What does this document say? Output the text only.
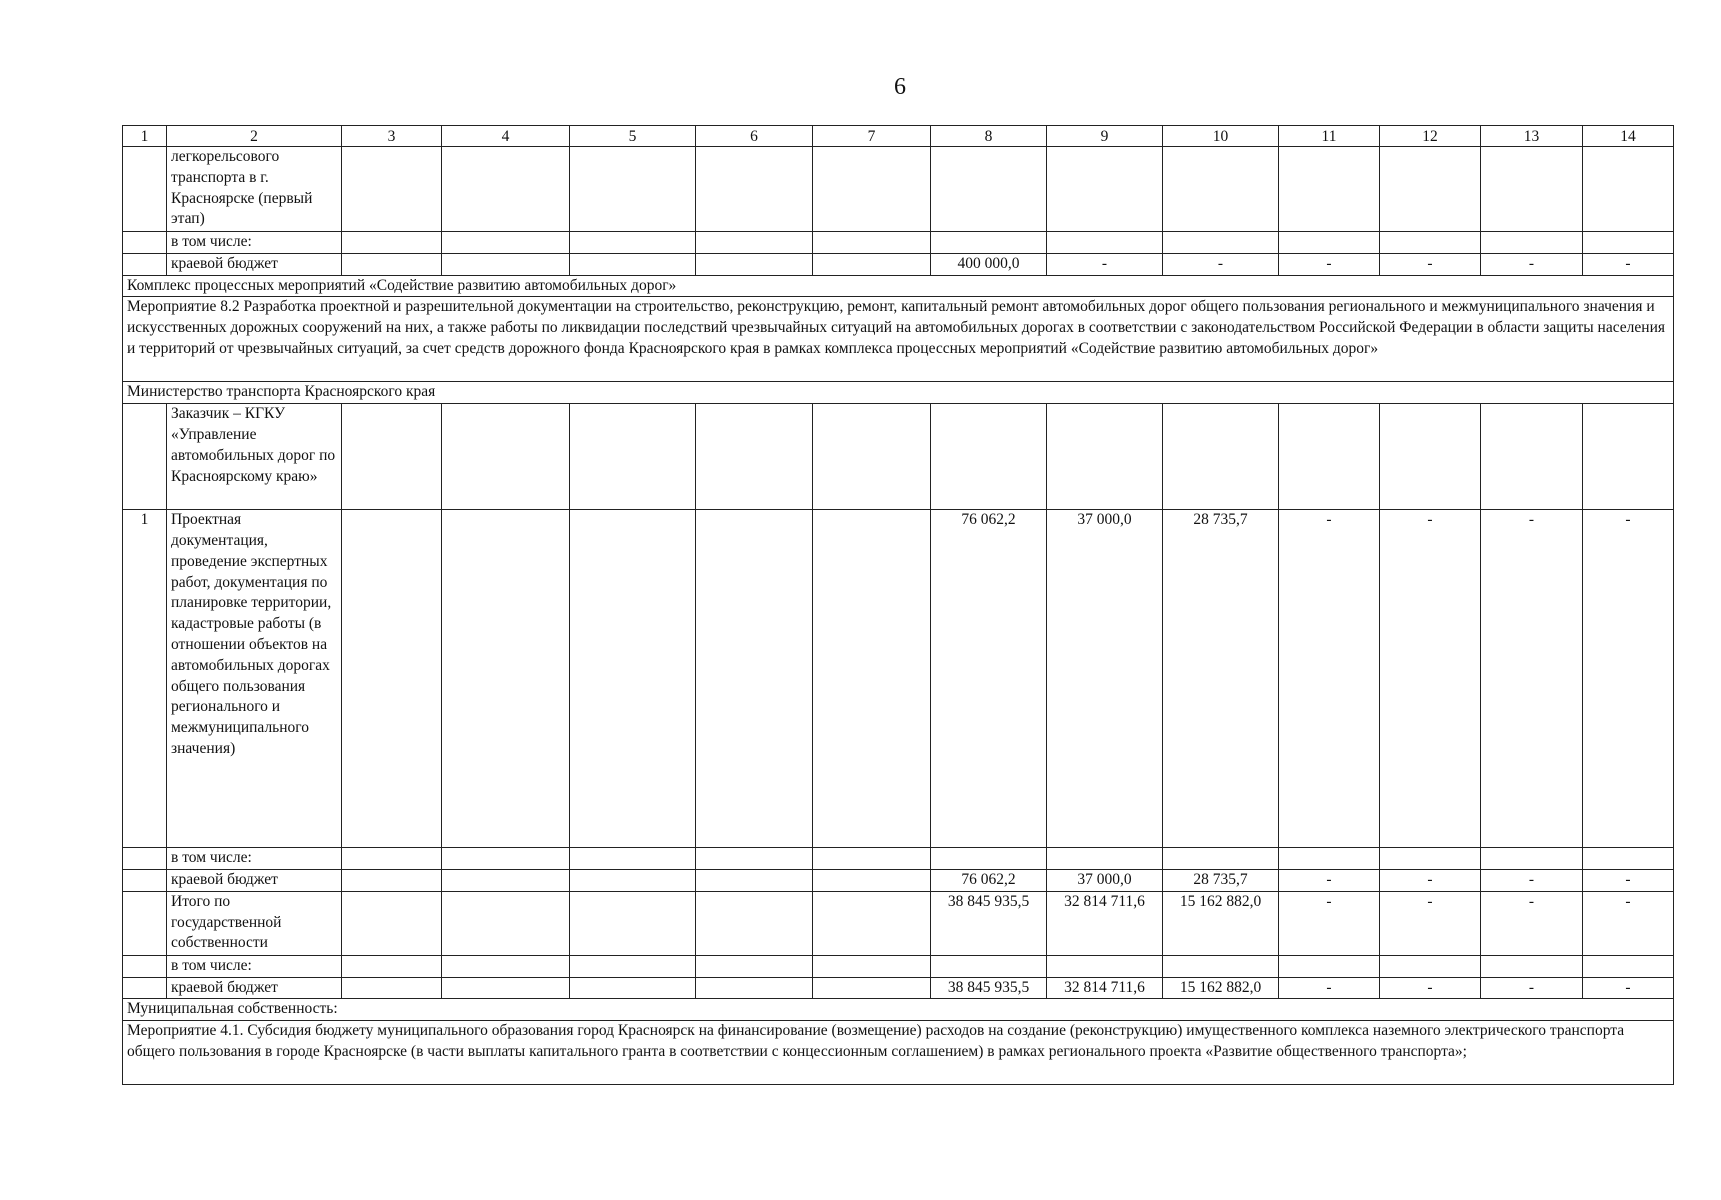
6
1	2	3	4	5	6	7	8	9	10	11	12	13	14
	легкорельсового транспорта в г. Красноярске (первый этап)												
	в том числе:												
	краевой бюджет						400 000,0	-	-	-	-	-	-
Комплекс процессных мероприятий «Содействие развитию автомобильных дорог»													
Мероприятие 8.2 Разработка проектной и разрешительной документации на строительство, реконструкцию, ремонт, капитальный ремонт автомобильных дорог общего пользования регионального и межмуниципального значения и искусственных дорожных сооружений на них, а также работы по ликвидации последствий чрезвычайных ситуаций на автомобильных дорогах в соответствии с законодательством Российской Федерации в области защиты населения и территорий от чрезвычайных ситуаций, за счет средств дорожного фонда Красноярского края в рамках комплекса процессных мероприятий «Содействие развитию автомобильных дорог»													
Министерство транспорта Красноярского края													
	Заказчик – КГКУ «Управление автомобильных дорог по Красноярскому краю»												
1	Проектная документация, проведение экспертных работ, документация по планировке территории, кадастровые работы (в отношении объектов на автомобильных дорогах общего пользования регионального и межмуниципального значения)						76 062,2	37 000,0	28 735,7	-	-	-	-
	в том числе:												
	краевой бюджет						76 062,2	37 000,0	28 735,7	-	-	-	-
	Итого по государственной собственности						38 845 935,5	32 814 711,6	15 162 882,0	-	-	-	-
	в том числе:												
	краевой бюджет						38 845 935,5	32 814 711,6	15 162 882,0	-	-	-	-
Муниципальная собственность:													
Мероприятие 4.1. Субсидия бюджету муниципального образования город Красноярск на финансирование (возмещение) расходов на создание (реконструкцию) имущественного комплекса наземного электрического транспорта общего пользования в городе Красноярске (в части выплаты капитального гранта в соответствии с концессионным соглашением) в рамках регионального проекта «Развитие общественного транспорта»;													
